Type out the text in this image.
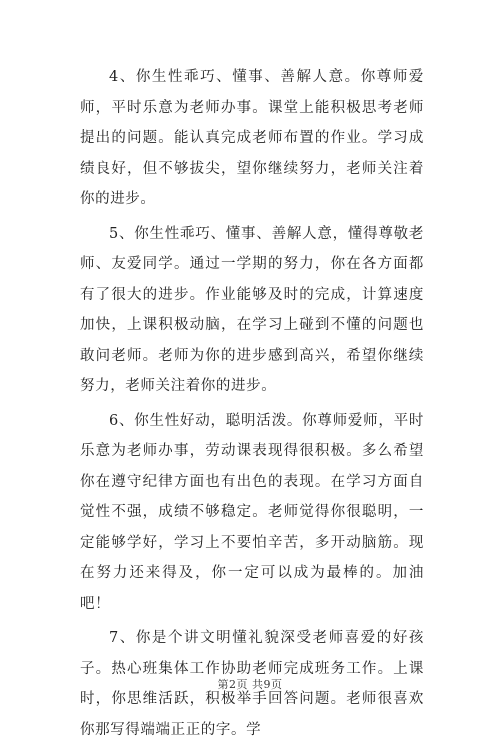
4、你生性乖巧、懂事、善解人意。你尊师爱师，平时乐意为老师办事。课堂上能积极思考老师提出的问题。能认真完成老师布置的作业。学习成绩良好，但不够拔尖，望你继续努力，老师关注着你的进步。

5、你生性乖巧、懂事、善解人意，懂得尊敬老师、友爱同学。通过一学期的努力，你在各方面都有了很大的进步。作业能够及时的完成，计算速度加快，上课积极动脑，在学习上碰到不懂的问题也敢问老师。老师为你的进步感到高兴，希望你继续努力，老师关注着你的进步。

6、你生性好动，聪明活泼。你尊师爱师，平时乐意为老师办事，劳动课表现得很积极。多么希望你在遵守纪律方面也有出色的表现。在学习方面自觉性不强，成绩不够稳定。老师觉得你很聪明，一定能够学好，学习上不要怕辛苦，多开动脑筋。现在努力还来得及，你一定可以成为最棒的。加油吧！

7、你是个讲文明懂礼貌深受老师喜爱的好孩子。热心班集体工作协助老师完成班务工作。上课时，你思维活跃，积极举手回答问题。老师很喜欢你那写得端端正正的字。学

第2页 共9页
